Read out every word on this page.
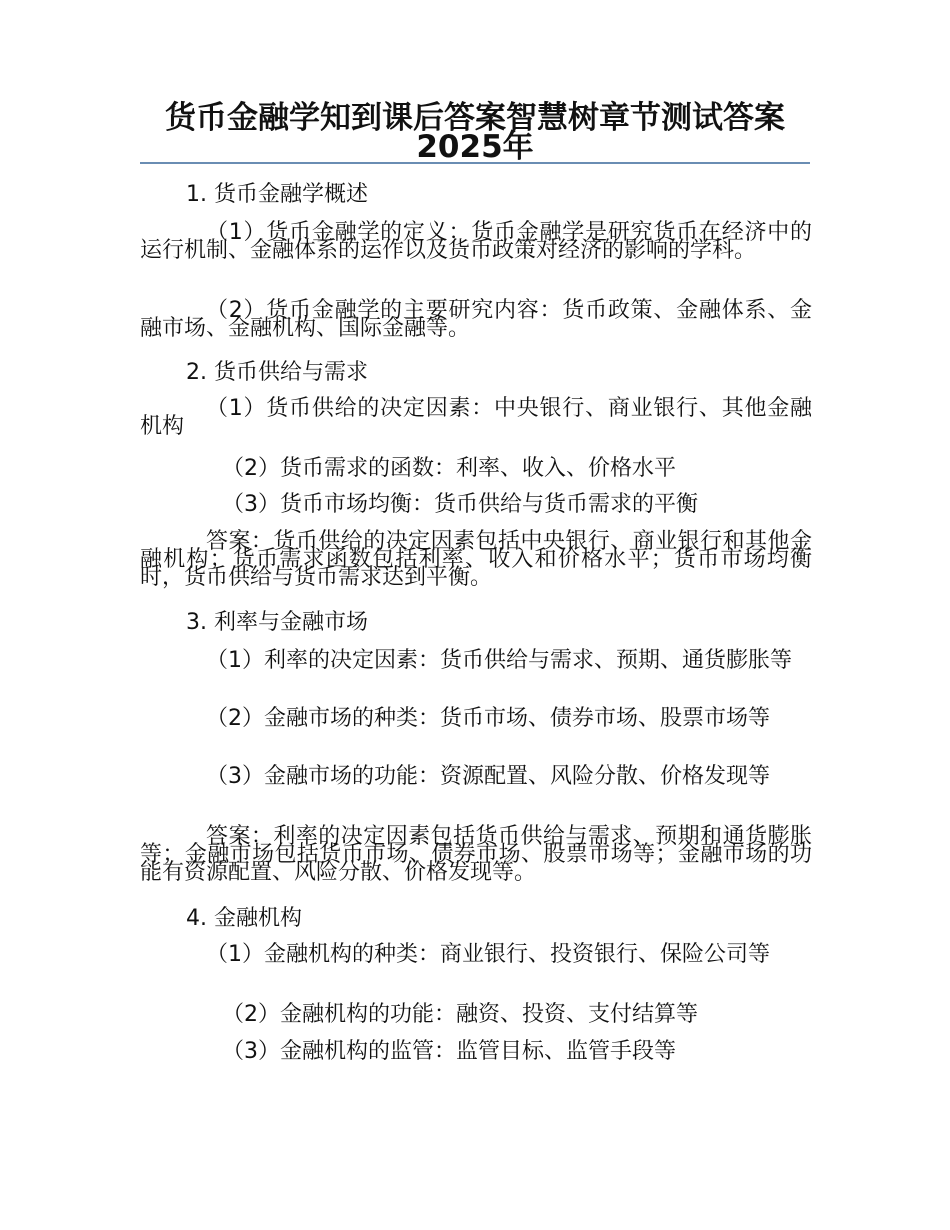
货币金融学知到课后答案智慧树章节测试答案2025年
1. 货币金融学概述
（1）货币金融学的定义：货币金融学是研究货币在经济中的运行机制、金融体系的运作以及货币政策对经济的影响的学科。
（2）货币金融学的主要研究内容：货币政策、金融体系、金融市场、金融机构、国际金融等。
2. 货币供给与需求
（1）货币供给的决定因素：中央银行、商业银行、其他金融机构
（2）货币需求的函数：利率、收入、价格水平
（3）货币市场均衡：货币供给与货币需求的平衡
答案：货币供给的决定因素包括中央银行、商业银行和其他金融机构；货币需求函数包括利率、收入和价格水平；货币市场均衡时，货币供给与货币需求达到平衡。
3. 利率与金融市场
（1）利率的决定因素：货币供给与需求、预期、通货膨胀等
（2）金融市场的种类：货币市场、债券市场、股票市场等
（3）金融市场的功能：资源配置、风险分散、价格发现等
答案：利率的决定因素包括货币供给与需求、预期和通货膨胀等；金融市场包括货币市场、债券市场、股票市场等；金融市场的功能有资源配置、风险分散、价格发现等。
4. 金融机构
（1）金融机构的种类：商业银行、投资银行、保险公司等
（2）金融机构的功能：融资、投资、支付结算等
（3）金融机构的监管：监管目标、监管手段等
